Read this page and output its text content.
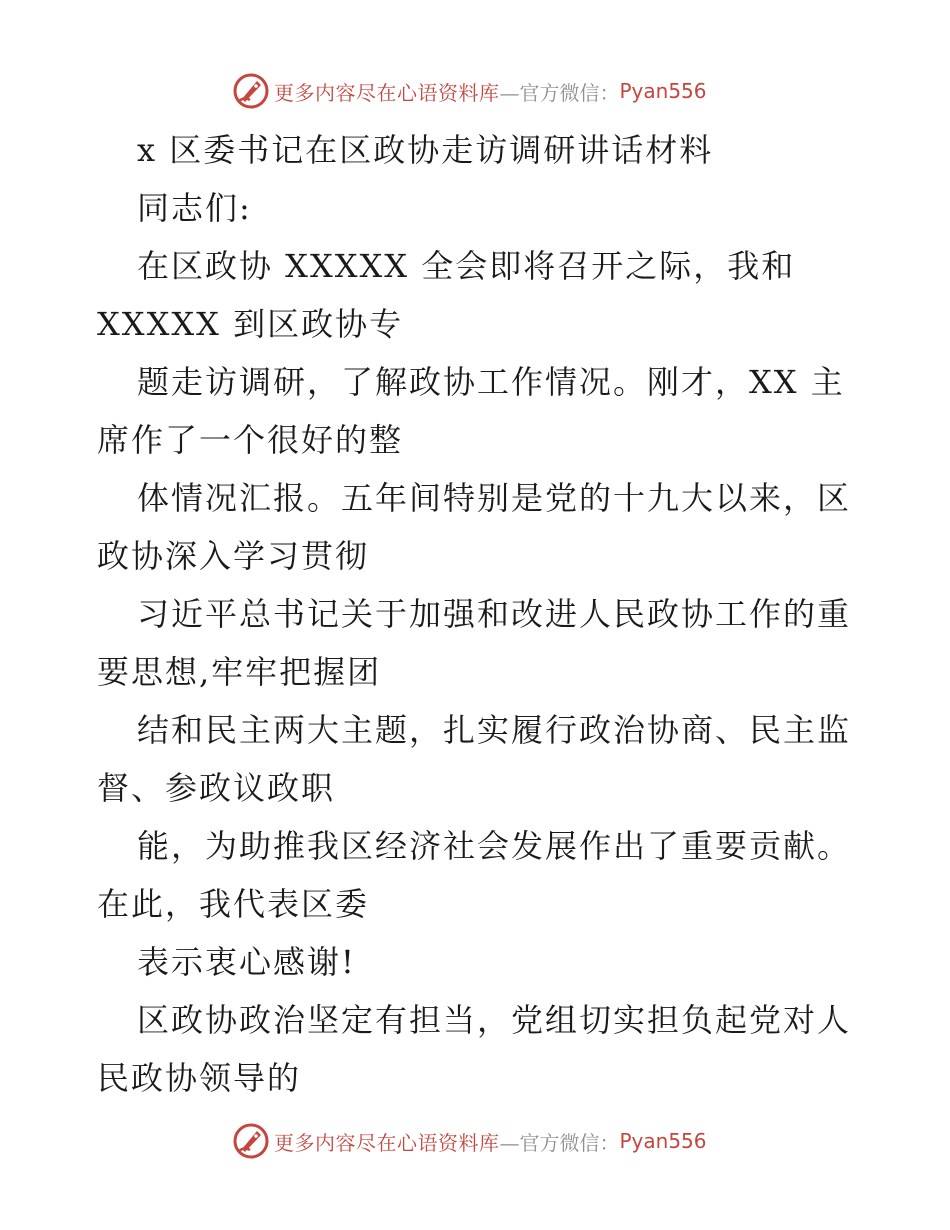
更多内容尽在心语资料库 —官方微信： Pyan556
x 区委书记在区政协走访调研讲话材料
同志们:
在区政协 XXXXX 全会即将召开之际，我和
XXXXX 到区政协专
题走访调研，了解政协工作情况。刚才，XX 主
席作了一个很好的整
体情况汇报。五年间特别是党的十九大以来，区
政协深入学习贯彻
习近平总书记关于加强和改进人民政协工作的重
要思想,牢牢把握团
结和民主两大主题，扎实履行政治协商、民主监
督、参政议政职
能，为助推我区经济社会发展作出了重要贡献。
在此，我代表区委
表示衷心感谢!
区政协政治坚定有担当，党组切实担负起党对人
民政协领导的
更多内容尽在心语资料库 —官方微信： Pyan556
